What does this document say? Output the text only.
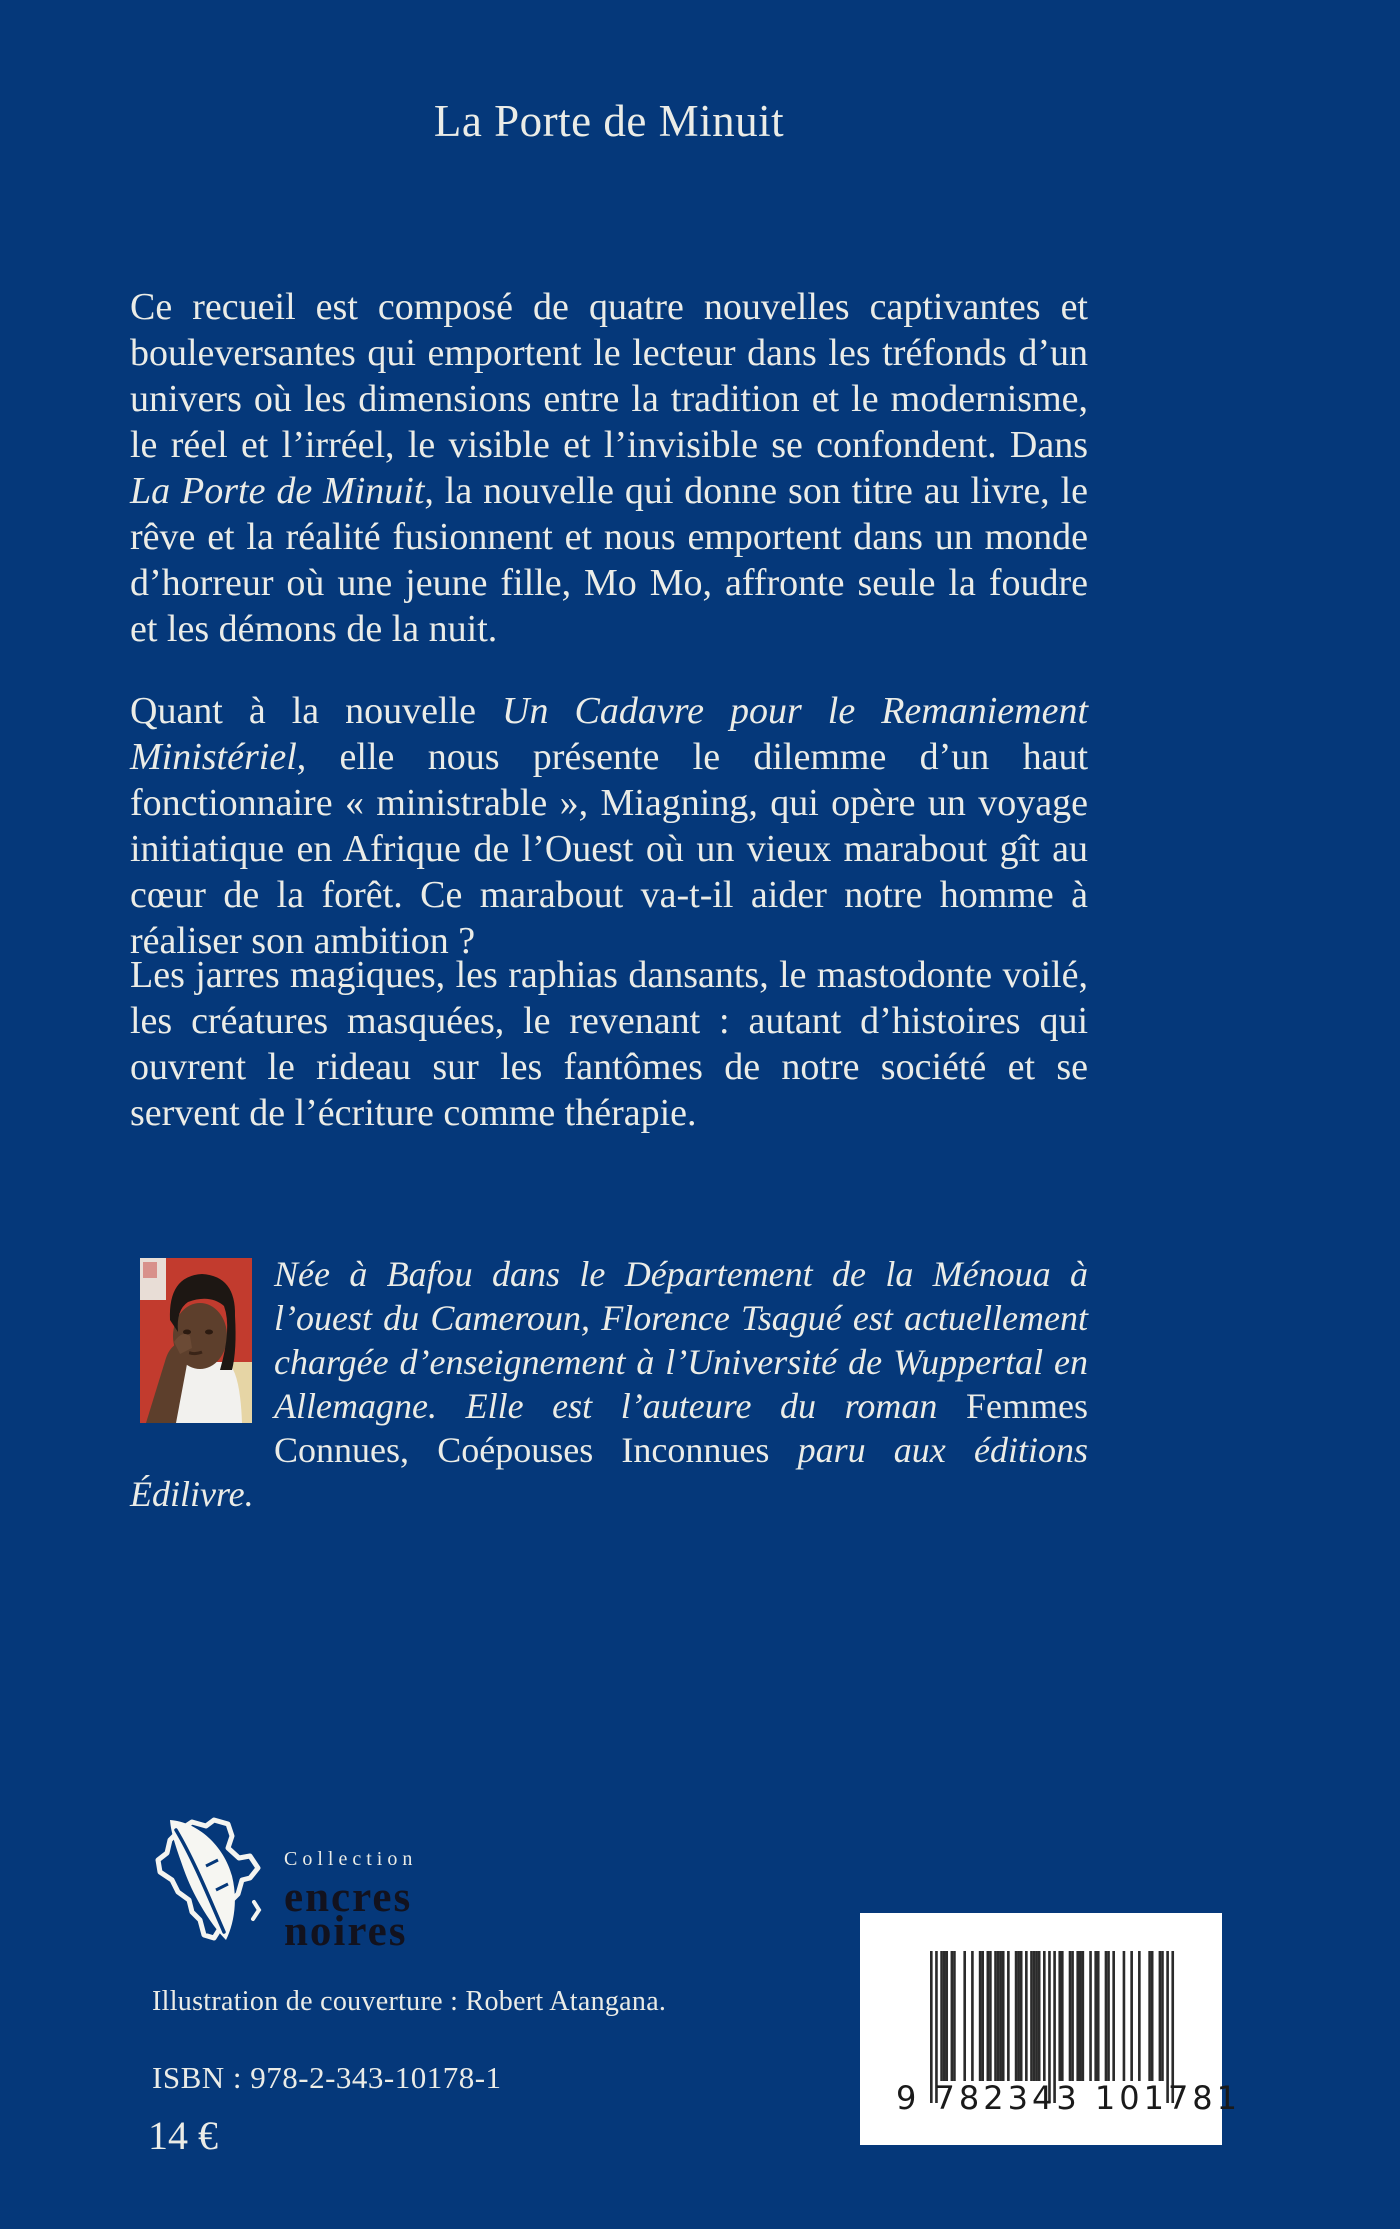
La Porte de Minuit
Ce recueil est composé de quatre nouvelles captivantes et bouleversantes qui emportent le lecteur dans les tréfonds d’un univers où les dimensions entre la tradition et le modernisme, le réel et l’irréel, le visible et l’invisible se confondent. Dans La Porte de Minuit, la nouvelle qui donne son titre au livre, le rêve et la réalité fusionnent et nous emportent dans un monde d’horreur où une jeune fille, Mo Mo, affronte seule la foudre et les démons de la nuit.
Quant à la nouvelle Un Cadavre pour le Remaniement Ministériel, elle nous présente le dilemme d’un haut fonctionnaire « ministrable », Miagning, qui opère un voyage initiatique en Afrique de l’Ouest où un vieux marabout gît au cœur de la forêt. Ce marabout va-t-il aider notre homme à réaliser son ambition ?
Les jarres magiques, les raphias dansants, le mastodonte voilé, les créatures masquées, le revenant : autant d’histoires qui ouvrent le rideau sur les fantômes de notre société et se servent de l’écriture comme thérapie.
Née à Bafou dans le Département de la Ménoua à l’ouest du Cameroun, Florence Tsagué est actuellement chargée d’enseignement à l’Université de Wuppertal en Allemagne. Elle est l’auteure du roman Femmes Connues, Coépouses Inconnues paru aux éditions Édilivre.
Collection
encres
noires
Illustration de couverture : Robert Atangana.
ISBN : 978-2-343-10178-1
14 €
9 782343 101781
